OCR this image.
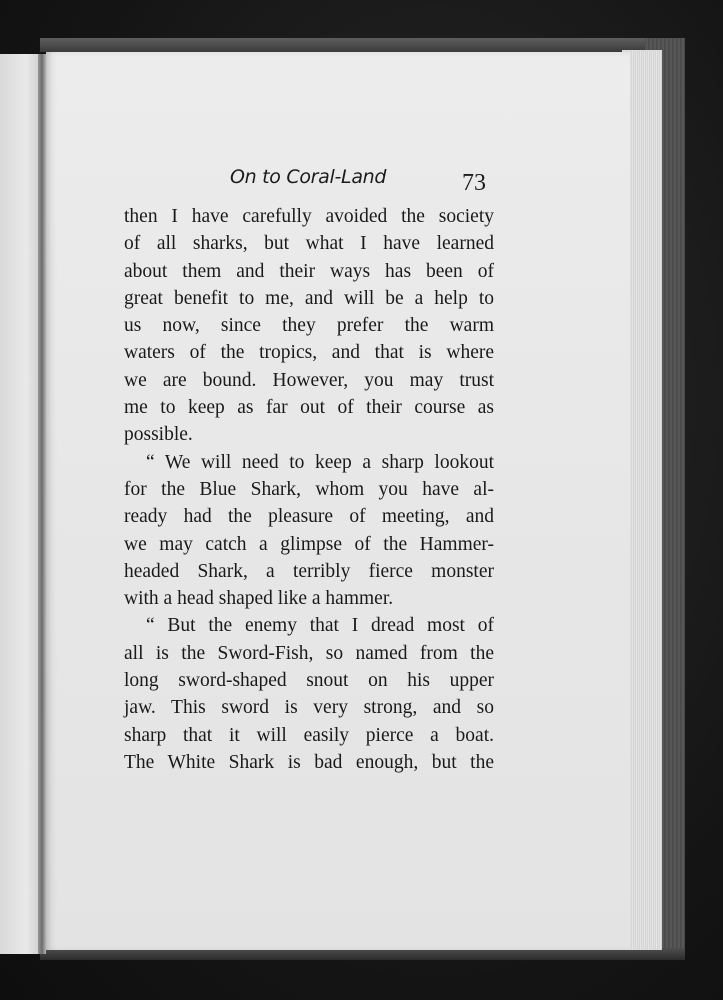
On to Coral-Land	73
then I have carefully avoided the society
of all sharks, but what I have learned
about them and their ways has been of
great benefit to me, and will be a help to
us now, since they prefer the warm
waters of the tropics, and that is where
we are bound. However, you may trust
me to keep as far out of their course as
possible.
“ We will need to keep a sharp lookout
for the Blue Shark, whom you have al-
ready had the pleasure of meeting, and
we may catch a glimpse of the Hammer-
headed Shark, a terribly fierce monster
with a head shaped like a hammer.
“ But the enemy that I dread most of
all is the Sword-Fish, so named from the
long sword-shaped snout on his upper
jaw. This sword is very strong, and so
sharp that it will easily pierce a boat.
The White Shark is bad enough, but the
